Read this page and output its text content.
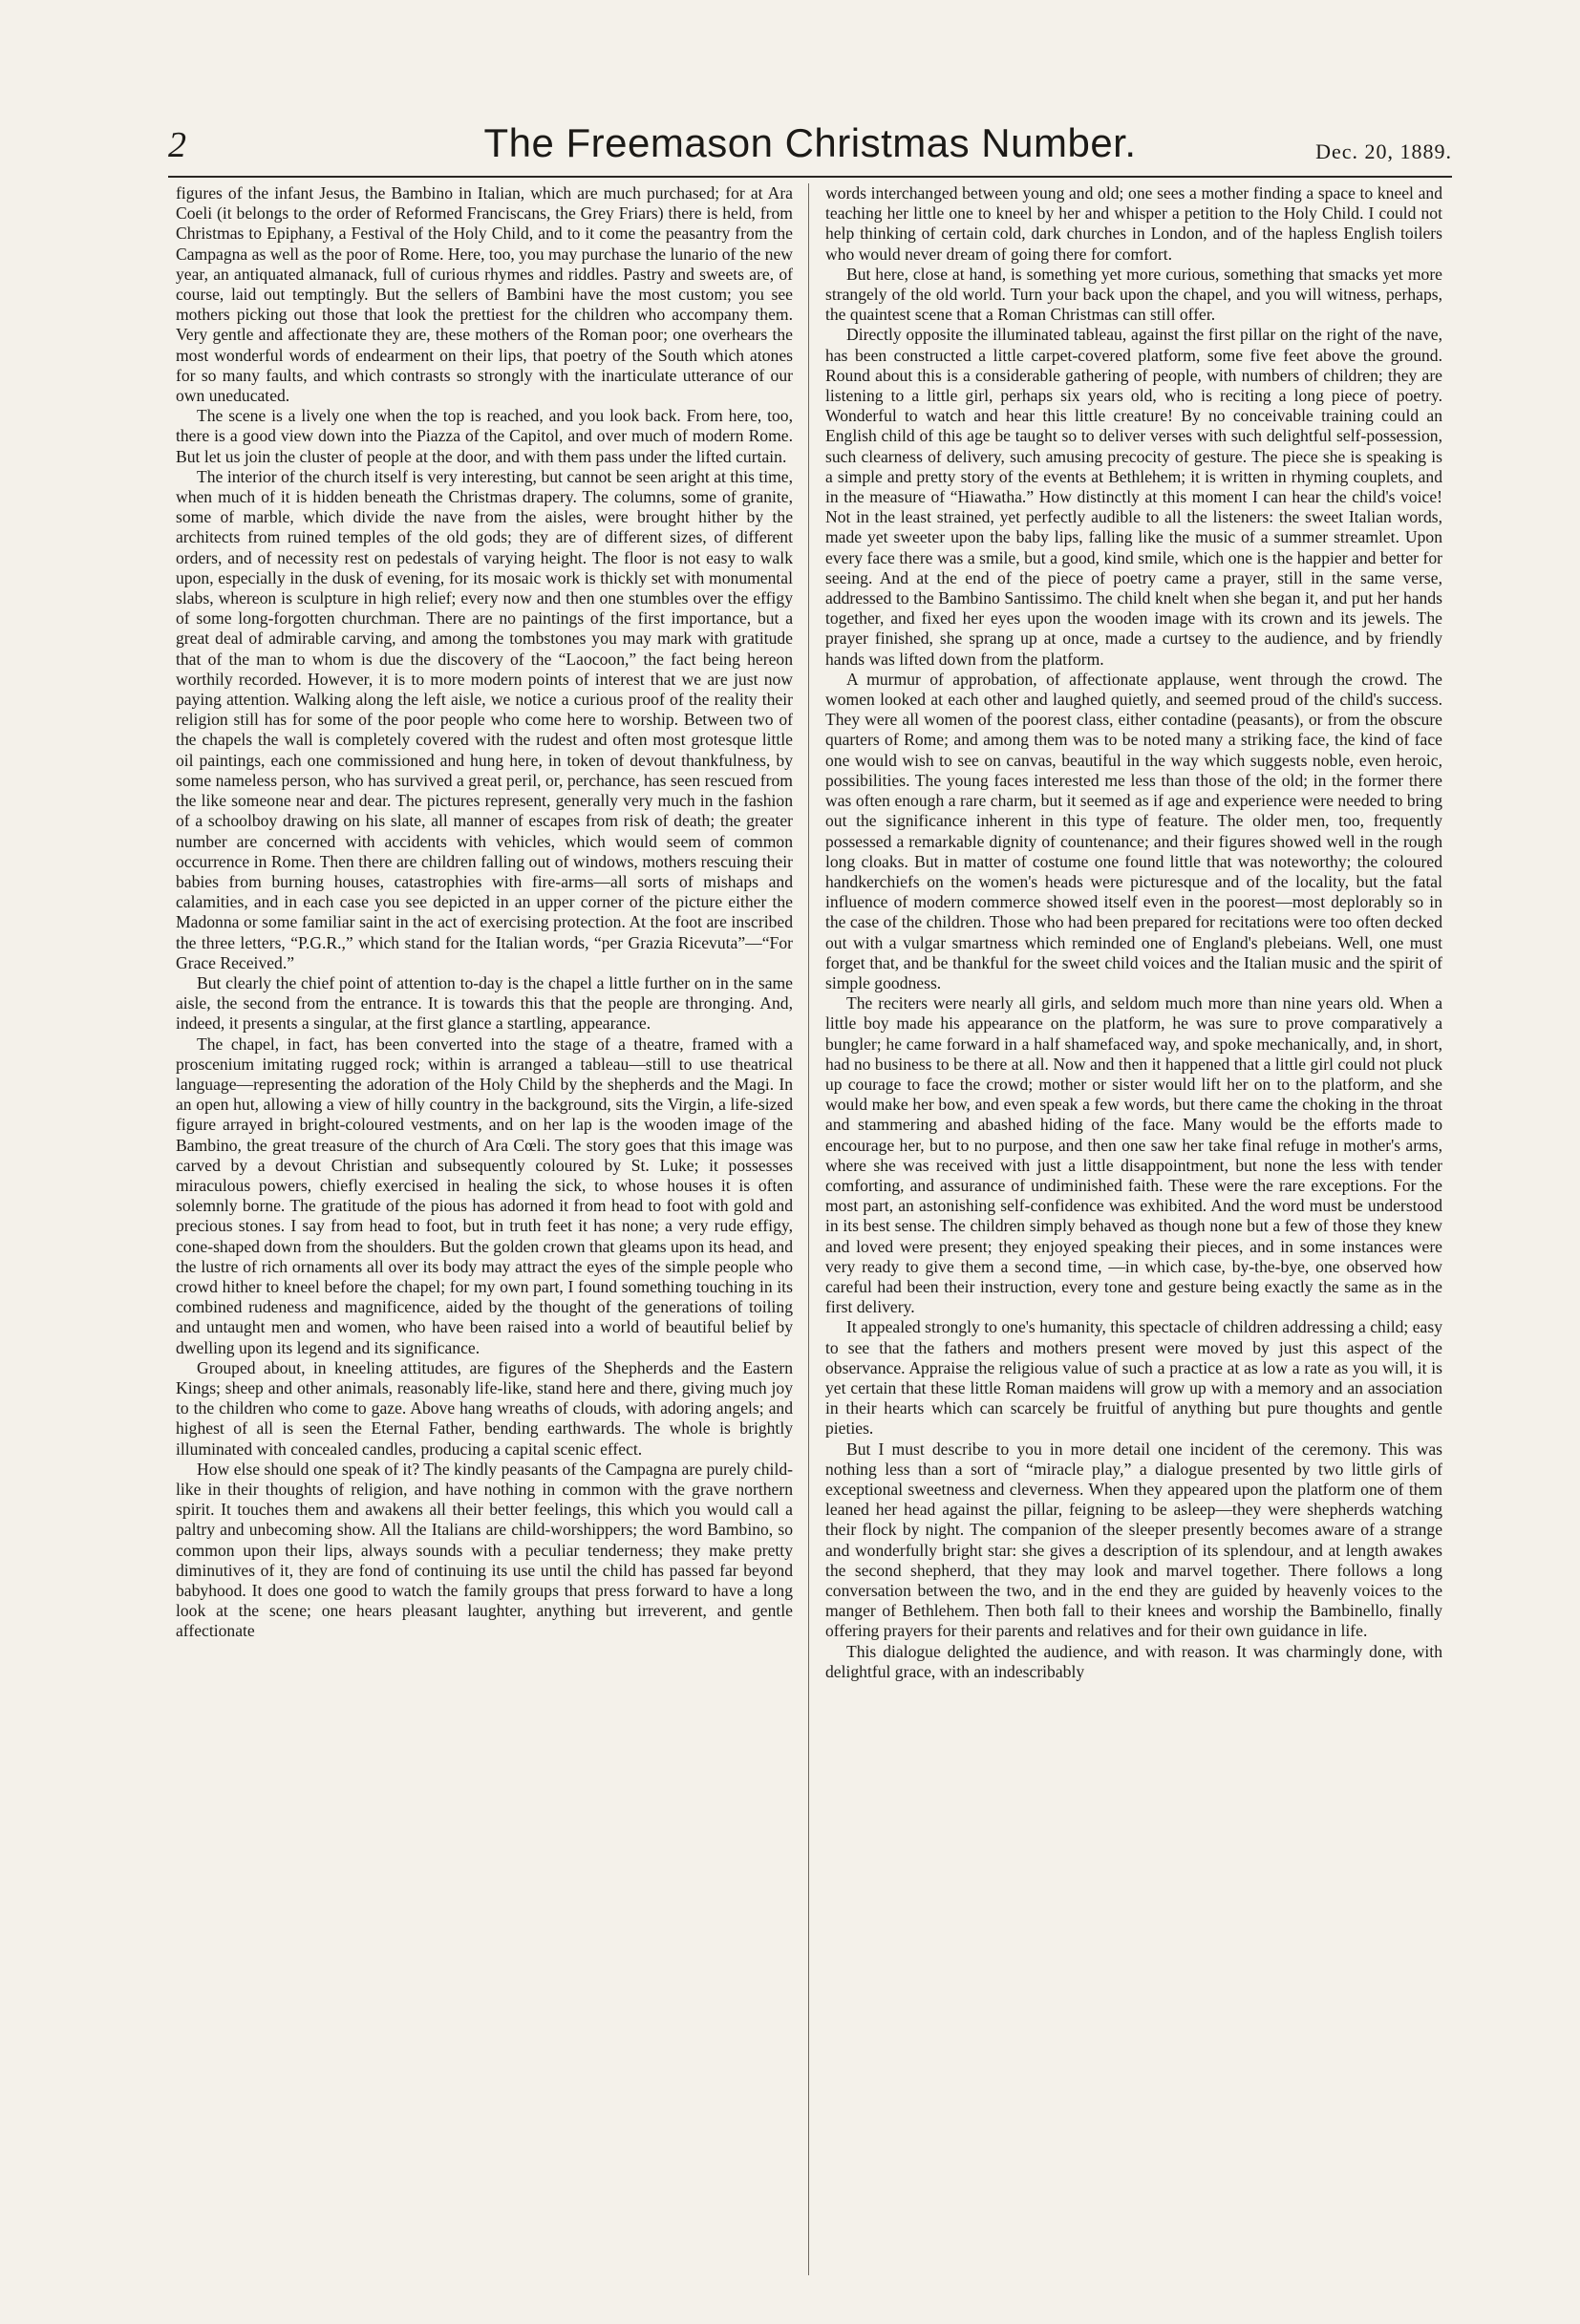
2	The Freemason Christmas Number.	Dec. 20, 1889.

figures of the infant Jesus, the Bambino in Italian, which are much purchased; for at Ara Coeli (it belongs to the order of Reformed Franciscans, the Grey Friars) there is held, from Christmas to Epiphany, a Festival of the Holy Child, and to it come the peasantry from the Campagna as well as the poor of Rome. Here, too, you may purchase the lunario of the new year, an antiquated almanack, full of curious rhymes and riddles. Pastry and sweets are, of course, laid out temptingly. But the sellers of Bambini have the most custom; you see mothers picking out those that look the prettiest for the children who accompany them. Very gentle and affectionate they are, these mothers of the Roman poor; one overhears the most wonderful words of endearment on their lips, that poetry of the South which atones for so many faults, and which contrasts so strongly with the inarticulate utterance of our own uneducated.

The scene is a lively one when the top is reached, and you look back. From here, too, there is a good view down into the Piazza of the Capitol, and over much of modern Rome. But let us join the cluster of people at the door, and with them pass under the lifted curtain.

The interior of the church itself is very interesting, but cannot be seen aright at this time, when much of it is hidden beneath the Christmas drapery. The columns, some of granite, some of marble, which divide the nave from the aisles, were brought hither by the architects from ruined temples of the old gods; they are of different sizes, of different orders, and of necessity rest on pedestals of varying height. The floor is not easy to walk upon, especially in the dusk of evening, for its mosaic work is thickly set with monumental slabs, whereon is sculpture in high relief; every now and then one stumbles over the effigy of some long-forgotten churchman. There are no paintings of the first importance, but a great deal of admirable carving, and among the tombstones you may mark with gratitude that of the man to whom is due the discovery of the “Laocoon,” the fact being hereon worthily recorded. However, it is to more modern points of interest that we are just now paying attention. Walking along the left aisle, we notice a curious proof of the reality their religion still has for some of the poor people who come here to worship. Between two of the chapels the wall is completely covered with the rudest and often most grotesque little oil paintings, each one commissioned and hung here, in token of devout thankfulness, by some nameless person, who has survived a great peril, or, perchance, has seen rescued from the like someone near and dear. The pictures represent, generally very much in the fashion of a schoolboy drawing on his slate, all manner of escapes from risk of death; the greater number are concerned with accidents with vehicles, which would seem of common occurrence in Rome. Then there are children falling out of windows, mothers rescuing their babies from burning houses, catastrophies with fire-arms—all sorts of mishaps and calamities, and in each case you see depicted in an upper corner of the picture either the Madonna or some familiar saint in the act of exercising protection. At the foot are inscribed the three letters, “P.G.R.,” which stand for the Italian words, “per Grazia Ricevuta”—“For Grace Received.”

But clearly the chief point of attention to-day is the chapel a little further on in the same aisle, the second from the entrance. It is towards this that the people are thronging. And, indeed, it presents a singular, at the first glance a startling, appearance.

The chapel, in fact, has been converted into the stage of a theatre, framed with a proscenium imitating rugged rock; within is arranged a tableau—still to use theatrical language—representing the adoration of the Holy Child by the shepherds and the Magi. In an open hut, allowing a view of hilly country in the background, sits the Virgin, a life-sized figure arrayed in bright-coloured vestments, and on her lap is the wooden image of the Bambino, the great treasure of the church of Ara Cœli. The story goes that this image was carved by a devout Christian and subsequently coloured by St. Luke; it possesses miraculous powers, chiefly exercised in healing the sick, to whose houses it is often solemnly borne. The gratitude of the pious has adorned it from head to foot with gold and precious stones. I say from head to foot, but in truth feet it has none; a very rude effigy, cone-shaped down from the shoulders. But the golden crown that gleams upon its head, and the lustre of rich ornaments all over its body may attract the eyes of the simple people who crowd hither to kneel before the chapel; for my own part, I found something touching in its combined rudeness and magnificence, aided by the thought of the generations of toiling and untaught men and women, who have been raised into a world of beautiful belief by dwelling upon its legend and its significance.

Grouped about, in kneeling attitudes, are figures of the Shepherds and the Eastern Kings; sheep and other animals, reasonably life-like, stand here and there, giving much joy to the children who come to gaze. Above hang wreaths of clouds, with adoring angels; and highest of all is seen the Eternal Father, bending earthwards. The whole is brightly illuminated with concealed candles, producing a capital scenic effect.

How else should one speak of it? The kindly peasants of the Campagna are purely child-like in their thoughts of religion, and have nothing in common with the grave northern spirit. It touches them and awakens all their better feelings, this which you would call a paltry and unbecoming show. All the Italians are child-worshippers; the word Bambino, so common upon their lips, always sounds with a peculiar tenderness; they make pretty diminutives of it, they are fond of continuing its use until the child has passed far beyond babyhood. It does one good to watch the family groups that press forward to have a long look at the scene; one hears pleasant laughter, anything but irreverent, and gentle affectionate

words interchanged between young and old; one sees a mother finding a space to kneel and teaching her little one to kneel by her and whisper a petition to the Holy Child. I could not help thinking of certain cold, dark churches in London, and of the hapless English toilers who would never dream of going there for comfort.

But here, close at hand, is something yet more curious, something that smacks yet more strangely of the old world. Turn your back upon the chapel, and you will witness, perhaps, the quaintest scene that a Roman Christmas can still offer.

Directly opposite the illuminated tableau, against the first pillar on the right of the nave, has been constructed a little carpet-covered platform, some five feet above the ground. Round about this is a considerable gathering of people, with numbers of children; they are listening to a little girl, perhaps six years old, who is reciting a long piece of poetry. Wonderful to watch and hear this little creature! By no conceivable training could an English child of this age be taught so to deliver verses with such delightful self-possession, such clearness of delivery, such amusing precocity of gesture. The piece she is speaking is a simple and pretty story of the events at Bethlehem; it is written in rhyming couplets, and in the measure of “Hiawatha.” How distinctly at this moment I can hear the child's voice! Not in the least strained, yet perfectly audible to all the listeners: the sweet Italian words, made yet sweeter upon the baby lips, falling like the music of a summer streamlet. Upon every face there was a smile, but a good, kind smile, which one is the happier and better for seeing. And at the end of the piece of poetry came a prayer, still in the same verse, addressed to the Bambino Santissimo. The child knelt when she began it, and put her hands together, and fixed her eyes upon the wooden image with its crown and its jewels. The prayer finished, she sprang up at once, made a curtsey to the audience, and by friendly hands was lifted down from the platform.

A murmur of approbation, of affectionate applause, went through the crowd. The women looked at each other and laughed quietly, and seemed proud of the child's success. They were all women of the poorest class, either contadine (peasants), or from the obscure quarters of Rome; and among them was to be noted many a striking face, the kind of face one would wish to see on canvas, beautiful in the way which suggests noble, even heroic, possibilities. The young faces interested me less than those of the old; in the former there was often enough a rare charm, but it seemed as if age and experience were needed to bring out the significance inherent in this type of feature. The older men, too, frequently possessed a remarkable dignity of countenance; and their figures showed well in the rough long cloaks. But in matter of costume one found little that was noteworthy; the coloured handkerchiefs on the women's heads were picturesque and of the locality, but the fatal influence of modern commerce showed itself even in the poorest—most deplorably so in the case of the children. Those who had been prepared for recitations were too often decked out with a vulgar smartness which reminded one of England's plebeians. Well, one must forget that, and be thankful for the sweet child voices and the Italian music and the spirit of simple goodness.

The reciters were nearly all girls, and seldom much more than nine years old. When a little boy made his appearance on the platform, he was sure to prove comparatively a bungler; he came forward in a half shamefaced way, and spoke mechanically, and, in short, had no business to be there at all. Now and then it happened that a little girl could not pluck up courage to face the crowd; mother or sister would lift her on to the platform, and she would make her bow, and even speak a few words, but there came the choking in the throat and stammering and abashed hiding of the face. Many would be the efforts made to encourage her, but to no purpose, and then one saw her take final refuge in mother's arms, where she was received with just a little disappointment, but none the less with tender comforting, and assurance of undiminished faith. These were the rare exceptions. For the most part, an astonishing self-confidence was exhibited. And the word must be understood in its best sense. The children simply behaved as though none but a few of those they knew and loved were present; they enjoyed speaking their pieces, and in some instances were very ready to give them a second time, —in which case, by-the-bye, one observed how careful had been their instruction, every tone and gesture being exactly the same as in the first delivery.

It appealed strongly to one's humanity, this spectacle of children addressing a child; easy to see that the fathers and mothers present were moved by just this aspect of the observance. Appraise the religious value of such a practice at as low a rate as you will, it is yet certain that these little Roman maidens will grow up with a memory and an association in their hearts which can scarcely be fruitful of anything but pure thoughts and gentle pieties.

But I must describe to you in more detail one incident of the ceremony. This was nothing less than a sort of “miracle play,” a dialogue presented by two little girls of exceptional sweetness and cleverness. When they appeared upon the platform one of them leaned her head against the pillar, feigning to be asleep—they were shepherds watching their flock by night. The companion of the sleeper presently becomes aware of a strange and wonderfully bright star: she gives a description of its splendour, and at length awakes the second shepherd, that they may look and marvel together. There follows a long conversation between the two, and in the end they are guided by heavenly voices to the manger of Bethlehem. Then both fall to their knees and worship the Bambinello, finally offering prayers for their parents and relatives and for their own guidance in life.

This dialogue delighted the audience, and with reason. It was charmingly done, with delightful grace, with an indescribably
